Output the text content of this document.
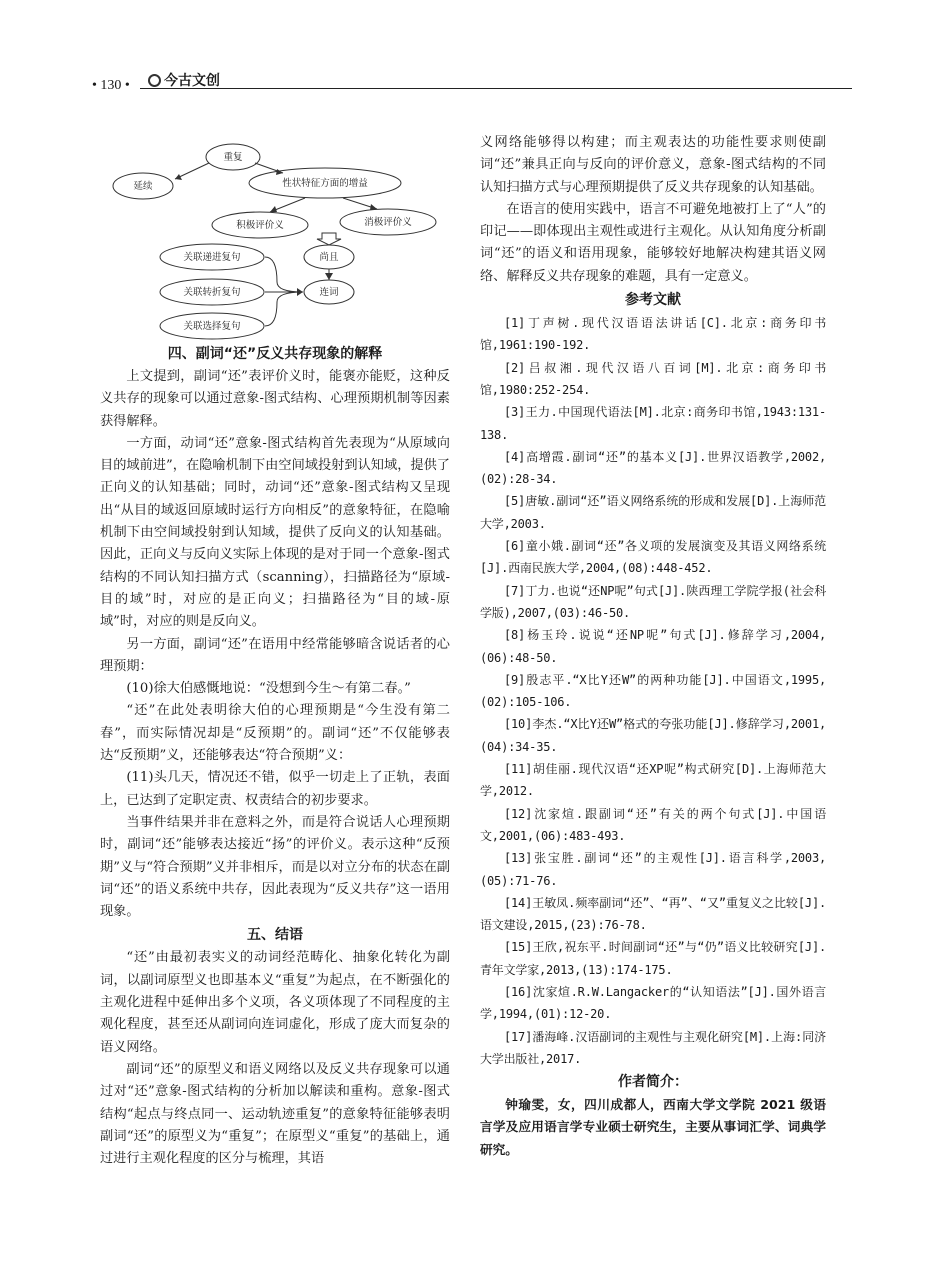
• 130 •	今古文创
重复
延续	性状特征方面的增益
积极评价义	消极评价义
关联递进复句
关联转折复句
关联选择复句
尚且
连词
四、副词“还”反义共存现象的解释

上文提到，副词“还”表评价义时，能褒亦能贬，这种反义共存的现象可以通过意象-图式结构、心理预期机制等因素获得解释。

一方面，动词“还”意象-图式结构首先表现为“从原域向目的域前进”，在隐喻机制下由空间域投射到认知域，提供了正向义的认知基础；同时，动词“还”意象-图式结构又呈现出“从目的域返回原域时运行方向相反”的意象特征，在隐喻机制下由空间域投射到认知域，提供了反向义的认知基础。因此，正向义与反向义实际上体现的是对于同一个意象-图式结构的不同认知扫描方式（scanning），扫描路径为“原域-目的域”时，对应的是正向义；扫描路径为“目的域-原域”时，对应的则是反向义。

另一方面，副词“还”在语用中经常能够暗含说话者的心理预期：

(10)徐大伯感慨地说：“没想到今生～有第二春。”

“还”在此处表明徐大伯的心理预期是“今生没有第二春”，而实际情况却是“反预期”的。副词“还”不仅能够表达“反预期”义，还能够表达“符合预期”义：

(11)头几天，情况还不错，似乎一切走上了正轨，表面上，已达到了定职定责、权责结合的初步要求。

当事件结果并非在意料之外，而是符合说话人心理预期时，副词“还”能够表达接近“扬”的评价义。表示这种“反预期”义与“符合预期”义并非相斥，而是以对立分布的状态在副词“还”的语义系统中共存，因此表现为“反义共存”这一语用现象。

五、结语

“还”由最初表实义的动词经范畴化、抽象化转化为副词，以副词原型义也即基本义“重复”为起点，在不断强化的主观化进程中延伸出多个义项，各义项体现了不同程度的主观化程度，甚至还从副词向连词虚化，形成了庞大而复杂的语义网络。

副词“还”的原型义和语义网络以及反义共存现象可以通过对“还”意象-图式结构的分析加以解读和重构。意象-图式结构“起点与终点同一、运动轨迹重复”的意象特征能够表明副词“还”的原型义为“重复”；在原型义“重复”的基础上，通过进行主观化程度的区分与梳理，其语

义网络能够得以构建；而主观表达的功能性要求则使副词“还”兼具正向与反向的评价意义，意象-图式结构的不同认知扫描方式与心理预期提供了反义共存现象的认知基础。

在语言的使用实践中，语言不可避免地被打上了“人”的印记——即体现出主观性或进行主观化。从认知角度分析副词“还”的语义和语用现象，能够较好地解决构建其语义网络、解释反义共存现象的难题，具有一定意义。

参考文献

[1]丁声树.现代汉语语法讲话[C].北京:商务印书馆,1961:190-192.

[2]吕叔湘.现代汉语八百词[M].北京:商务印书馆,1980:252-254.

[3]王力.中国现代语法[M].北京:商务印书馆,1943:131-138.

[4]高增霞.副词“还”的基本义[J].世界汉语教学,2002,(02):28-34.

[5]唐敏.副词“还”语义网络系统的形成和发展[D].上海师范大学,2003.

[6]童小娥.副词“还”各义项的发展演变及其语义网络系统[J].西南民族大学,2004,(08):448-452.

[7]丁力.也说“还NP呢”句式[J].陕西理工学院学报(社会科学版),2007,(03):46-50.

[8]杨玉玲.说说“还NP呢”句式[J].修辞学习,2004,(06):48-50.

[9]殷志平.“X比Y还W”的两种功能[J].中国语文,1995,(02):105-106.

[10]李杰.“X比Y还W”格式的夸张功能[J].修辞学习,2001,(04):34-35.

[11]胡佳丽.现代汉语“还XP呢”构式研究[D].上海师范大学,2012.

[12]沈家煊.跟副词“还”有关的两个句式[J].中国语文,2001,(06):483-493.

[13]张宝胜.副词“还”的主观性[J].语言科学,2003,(05):71-76.

[14]王敏凤.频率副词“还”、“再”、“又”重复义之比较[J].语文建设,2015,(23):76-78.

[15]王欣,祝东平.时间副词“还”与“仍”语义比较研究[J].青年文学家,2013,(13):174-175.

[16]沈家煊.R.W.Langacker的“认知语法”[J].国外语言学,1994,(01):12-20.

[17]潘海峰.汉语副词的主观性与主观化研究[M].上海:同济大学出版社,2017.

作者简介：

钟瑜雯，女，四川成都人，西南大学文学院 2021 级语言学及应用语言学专业硕士研究生，主要从事词汇学、词典学研究。
